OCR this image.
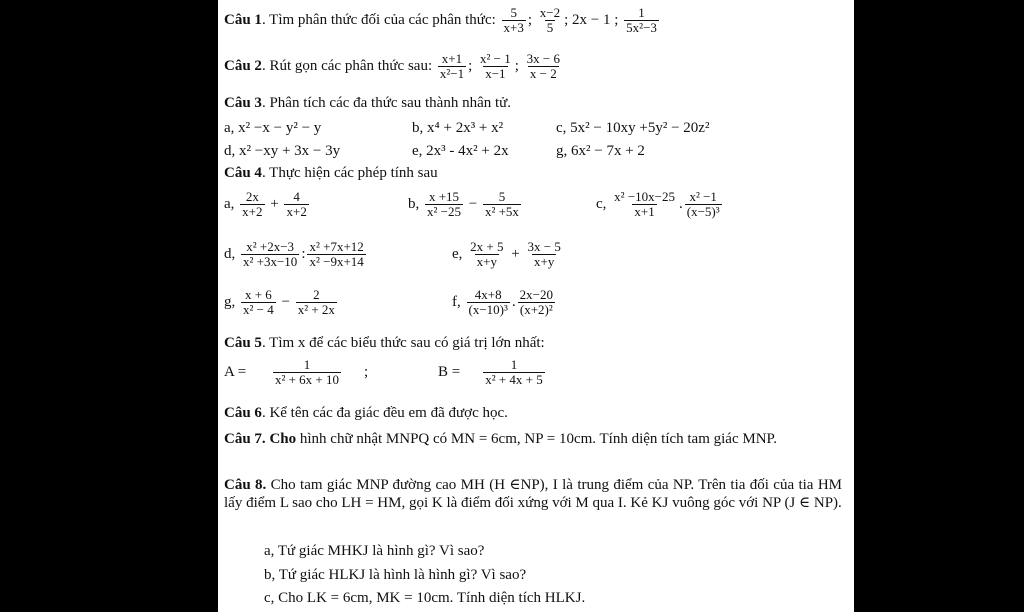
Câu 1. Tìm phân thức đối của các phân thức: $\frac{5}{x+3}$ ; $\frac{x-2}{5}$ ; 2x − 1 ; $\frac{1}{\text{5x²−3}}$
Câu 2. Rút gọn các phân thức sau: $\frac{x+1}{\text{x²−1}}$ ; $\frac{\text{x² − 1}}{x-1}$ ; $\frac{3x - 6}{x - 2}$
Câu 3. Phân tích các đa thức sau thành nhân tử.
a, x² −x − y² − y	b, x⁴ + 2x³ + x²	c, 5x² − 10xy +5y² − 20z²
d, x² −xy + 3x − 3y	e, 2x³ - 4x² + 2x	g, 6x² − 7x + 2
Câu 4. Thực hiện các phép tính sau
a, $\frac{2x}{x+2} + \frac{4}{x+2}$	b, $\frac{x +15}{\text{x² −25}} - \frac{5}{\text{x² +5x}}$	c, $\frac{\text{x² −10x−25}}{x+1}$ . $\frac{\text{x² −1}}{\text{(x−5)³}}$
d, $\frac{\text{x² +2x−3}}{\text{x² +3x−10}}$ : $\frac{\text{x² +7x+12}}{\text{x² −9x+14}}$	e, $\frac{2x + 5}{x+y} + \frac{3x - 5}{x+y}$
g, $\frac{x + 6}{\text{x² − 4}} - \frac{2}{\text{x² + 2x}}$	f, $\frac{4x+8}{\text{(x−10)³}}$ . $\frac{2x-20}{\text{(x+2)²}}$
Câu 5. Tìm x để các biểu thức sau có giá trị lớn nhất:
$A = \frac{1}{\text{x² + 6x + 10}}$ ;	$B = \frac{1}{\text{x² + 4x + 5}}$
Câu 6. Kể tên các đa giác đều em đã được học.
Câu 7. Cho hình chữ nhật MNPQ có MN = 6cm, NP = 10cm. Tính diện tích tam giác MNP.
Câu 8. Cho tam giác MNP đường cao MH (H ∈NP), I là trung điểm của NP. Trên tia đối của tia HM lấy điểm L sao cho LH = HM, gọi K là điểm đối xứng với M qua I. Kẻ KJ vuông góc với NP (J ∈ NP).
a, Tứ giác MHKJ là hình gì? Vì sao?
b, Tứ giác HLKJ là hình là hình gì? Vì sao?
c, Cho LK = 6cm, MK = 10cm. Tính diện tích HLKJ.
